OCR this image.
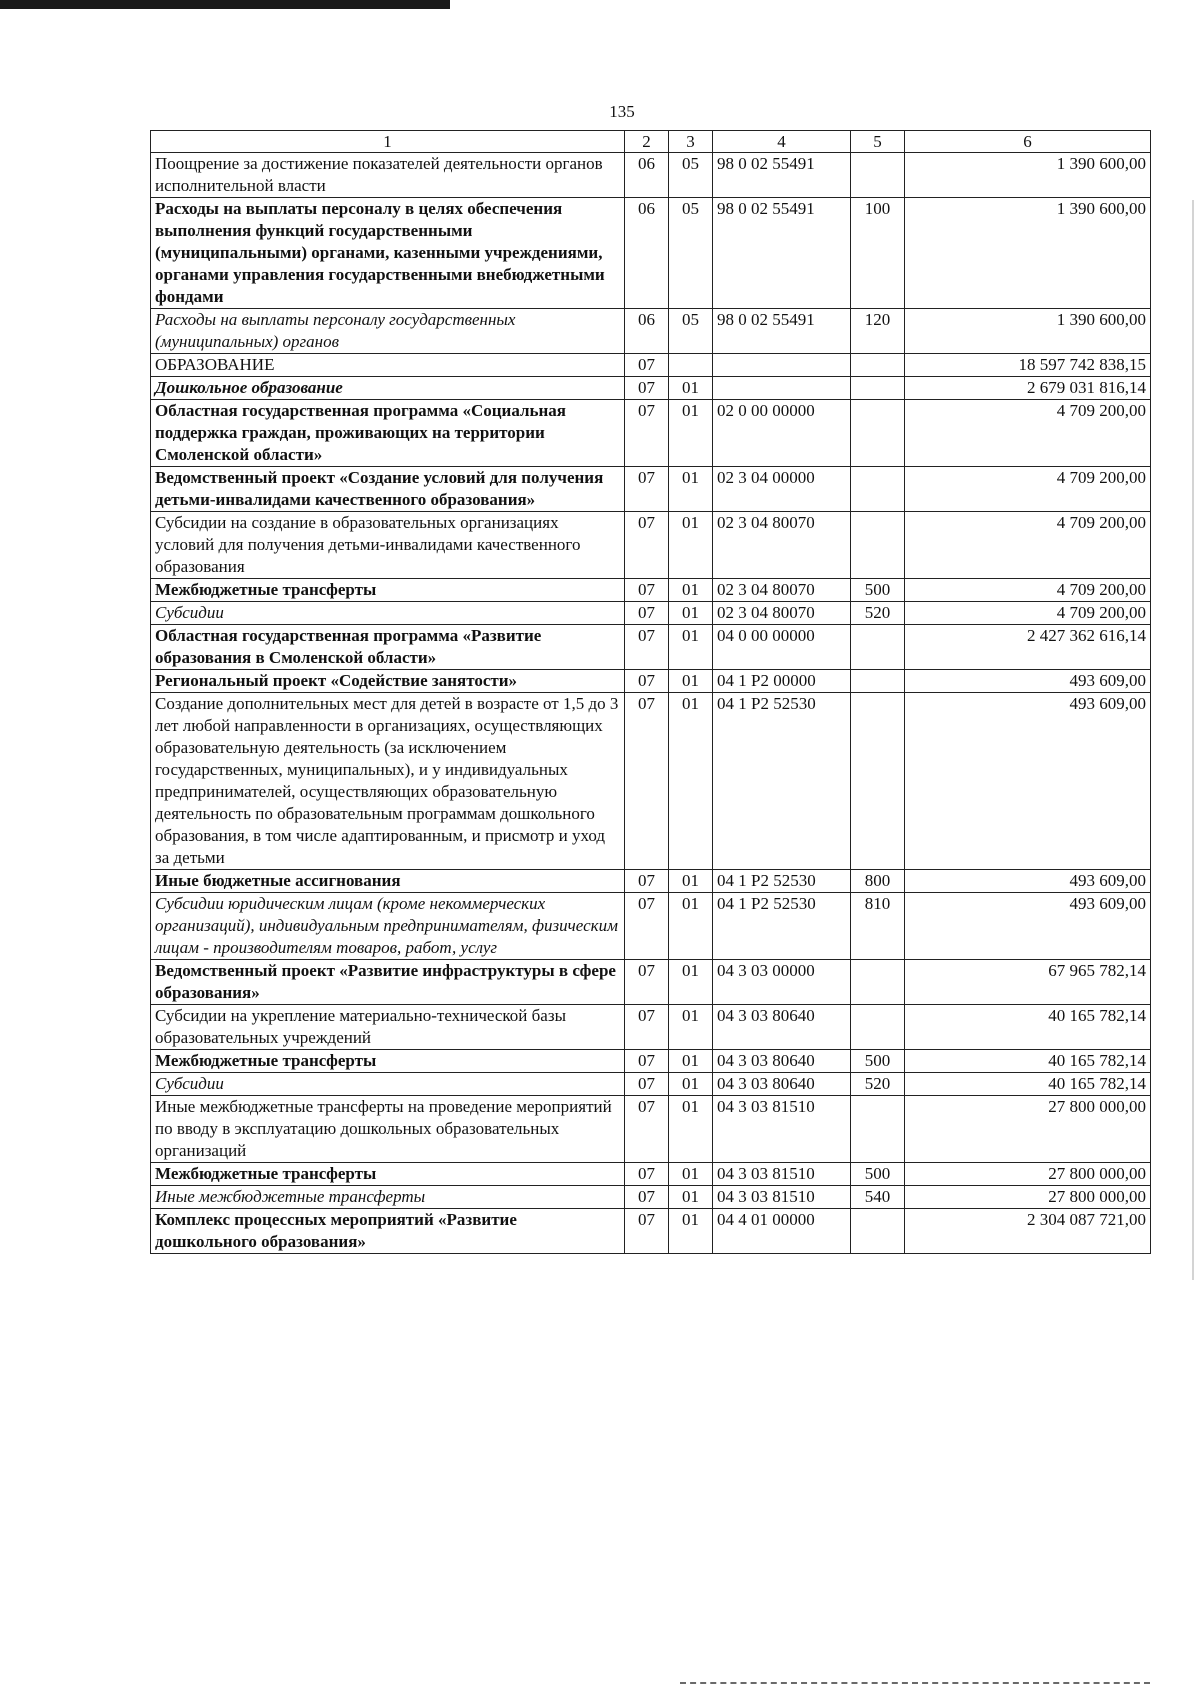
135
1	2	3	4	5	6
Поощрение за достижение показателей деятельности органов исполнительной власти	06	05	98 0 02 55491		1 390 600,00
Расходы на выплаты персоналу в целях обеспечения выполнения функций государственными (муниципальными) органами, казенными учреждениями, органами управления государственными внебюджетными фондами	06	05	98 0 02 55491	100	1 390 600,00
Расходы на выплаты персоналу государственных (муниципальных) органов	06	05	98 0 02 55491	120	1 390 600,00
ОБРАЗОВАНИЕ	07				18 597 742 838,15
Дошкольное образование	07	01			2 679 031 816,14
Областная государственная программа «Социальная поддержка граждан, проживающих на территории Смоленской области»	07	01	02 0 00 00000		4 709 200,00
Ведомственный проект «Создание условий для получения детьми-инвалидами качественного образования»	07	01	02 3 04 00000		4 709 200,00
Субсидии на создание в образовательных организациях условий для получения детьми-инвалидами качественного образования	07	01	02 3 04 80070		4 709 200,00
Межбюджетные трансферты	07	01	02 3 04 80070	500	4 709 200,00
Субсидии	07	01	02 3 04 80070	520	4 709 200,00
Областная государственная программа «Развитие образования в Смоленской области»	07	01	04 0 00 00000		2 427 362 616,14
Региональный проект «Содействие занятости»	07	01	04 1 Р2 00000		493 609,00
Создание дополнительных мест для детей в возрасте от 1,5 до 3 лет любой направленности в организациях, осуществляющих образовательную деятельность (за исключением государственных, муниципальных), и у индивидуальных предпринимателей, осуществляющих образовательную деятельность по образовательным программам дошкольного образования, в том числе адаптированным, и присмотр и уход за детьми	07	01	04 1 Р2 52530		493 609,00
Иные бюджетные ассигнования	07	01	04 1 Р2 52530	800	493 609,00
Субсидии юридическим лицам (кроме некоммерческих организаций), индивидуальным предпринимателям, физическим лицам - производителям товаров, работ, услуг	07	01	04 1 Р2 52530	810	493 609,00
Ведомственный проект «Развитие инфраструктуры в сфере образования»	07	01	04 3 03 00000		67 965 782,14
Субсидии на укрепление материально-технической базы образовательных учреждений	07	01	04 3 03 80640		40 165 782,14
Межбюджетные трансферты	07	01	04 3 03 80640	500	40 165 782,14
Субсидии	07	01	04 3 03 80640	520	40 165 782,14
Иные межбюджетные трансферты на проведение мероприятий по вводу в эксплуатацию дошкольных образовательных организаций	07	01	04 3 03 81510		27 800 000,00
Межбюджетные трансферты	07	01	04 3 03 81510	500	27 800 000,00
Иные межбюджетные трансферты	07	01	04 3 03 81510	540	27 800 000,00
Комплекс процессных мероприятий «Развитие дошкольного образования»	07	01	04 4 01 00000		2 304 087 721,00
